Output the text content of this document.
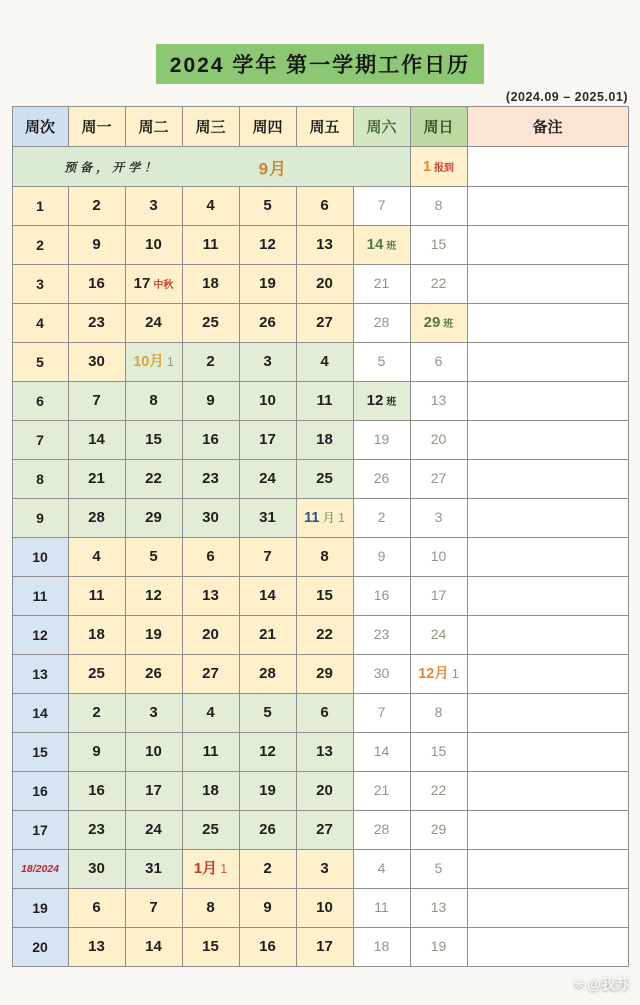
2024 学年 第一学期工作日历
(2024.09 – 2025.01)
周次	周一	周二	周三	周四	周五	周六	周日	备注

预备，开学！ 9月							1 报到	
1	2	3	4	5	6	7	8	
2	9	10	11	12	13	14 班	15	
3	16	17 中秋	18	19	20	21	22	
4	23	24	25	26	27	28	29 班	
5	30	10月 1	2	3	4	5	6	
6	7	8	9	10	11	12 班	13	
7	14	15	16	17	18	19	20	
8	21	22	23	24	25	26	27	
9	28	29	30	31	11 月 1	2	3	
10	4	5	6	7	8	9	10	
11	11	12	13	14	15	16	17	
12	18	19	20	21	22	23	24	
13	25	26	27	28	29	30	12月 1	
14	2	3	4	5	6	7	8	
15	9	10	11	12	13	14	15	
16	16	17	18	19	20	21	22	
17	23	24	25	26	27	28	29	
18/2024	30	31	1月 1	2	3	4	5	
19	6	7	8	9	10	11	13	
20	13	14	15	16	17	18	19	
❋ @我苏
